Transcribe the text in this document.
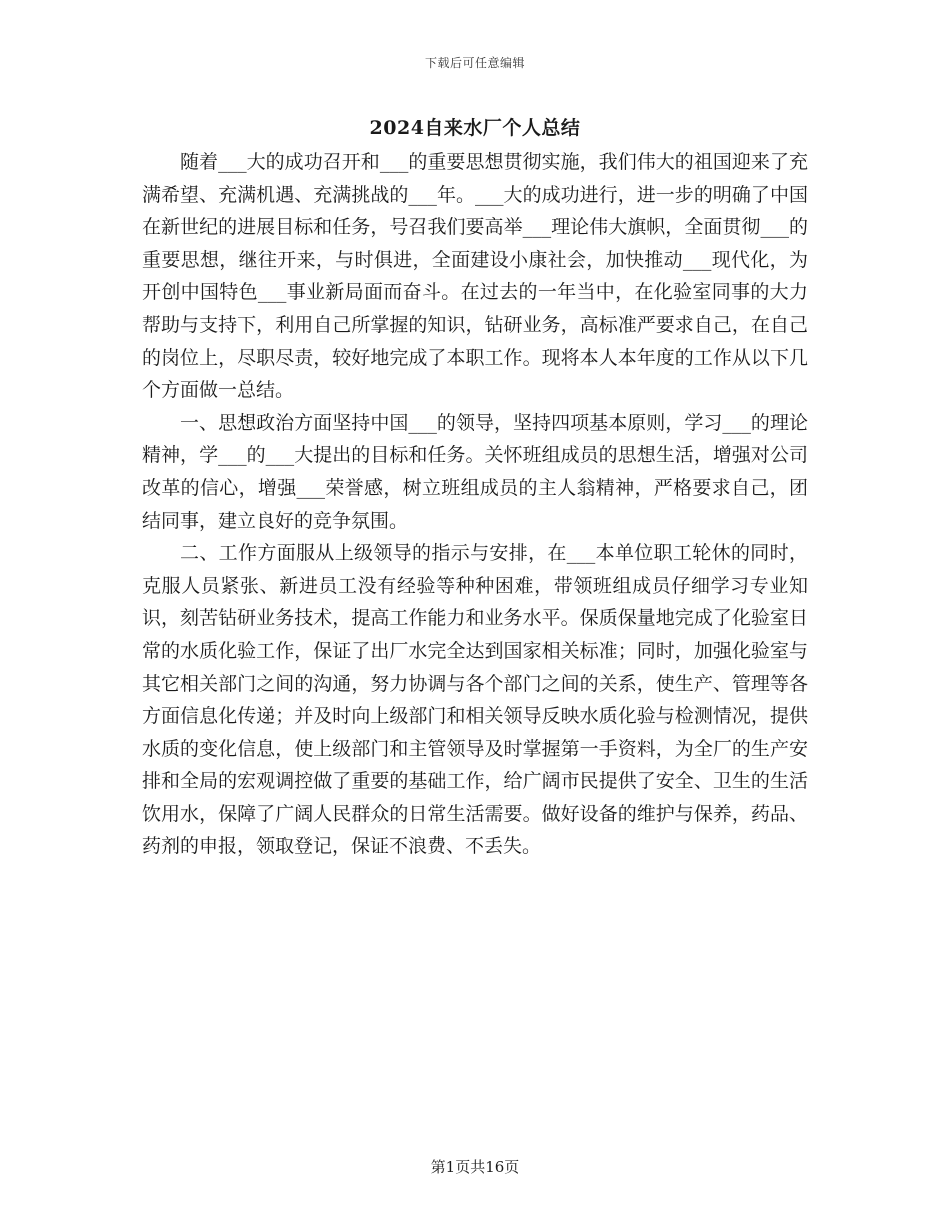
下载后可任意编辑
2024自来水厂个人总结

随着___大的成功召开和___的重要思想贯彻实施，我们伟大的祖国迎来了充满希望、充满机遇、充满挑战的___年。___大的成功进行，进一步的明确了中国在新世纪的进展目标和任务，号召我们要高举___理论伟大旗帜，全面贯彻___的重要思想，继往开来，与时俱进，全面建设小康社会，加快推动___现代化，为开创中国特色___事业新局面而奋斗。在过去的一年当中，在化验室同事的大力帮助与支持下，利用自己所掌握的知识，钻研业务，高标准严要求自己，在自己的岗位上，尽职尽责，较好地完成了本职工作。现将本人本年度的工作从以下几个方面做一总结。

一、思想政治方面坚持中国___的领导，坚持四项基本原则，学习___的理论精神，学___的___大提出的目标和任务。关怀班组成员的思想生活，增强对公司改革的信心，增强___荣誉感，树立班组成员的主人翁精神，严格要求自己，团结同事，建立良好的竞争氛围。

二、工作方面服从上级领导的指示与安排，在___本单位职工轮休的同时，克服人员紧张、新进员工没有经验等种种困难，带领班组成员仔细学习专业知识，刻苦钻研业务技术，提高工作能力和业务水平。保质保量地完成了化验室日常的水质化验工作，保证了出厂水完全达到国家相关标准；同时，加强化验室与其它相关部门之间的沟通，努力协调与各个部门之间的关系，使生产、管理等各方面信息化传递；并及时向上级部门和相关领导反映水质化验与检测情况，提供水质的变化信息，使上级部门和主管领导及时掌握第一手资料，为全厂的生产安排和全局的宏观调控做了重要的基础工作，给广阔市民提供了安全、卫生的生活饮用水，保障了广阔人民群众的日常生活需要。做好设备的维护与保养，药品、药剂的申报，领取登记，保证不浪费、不丢失。

第1页共16页
